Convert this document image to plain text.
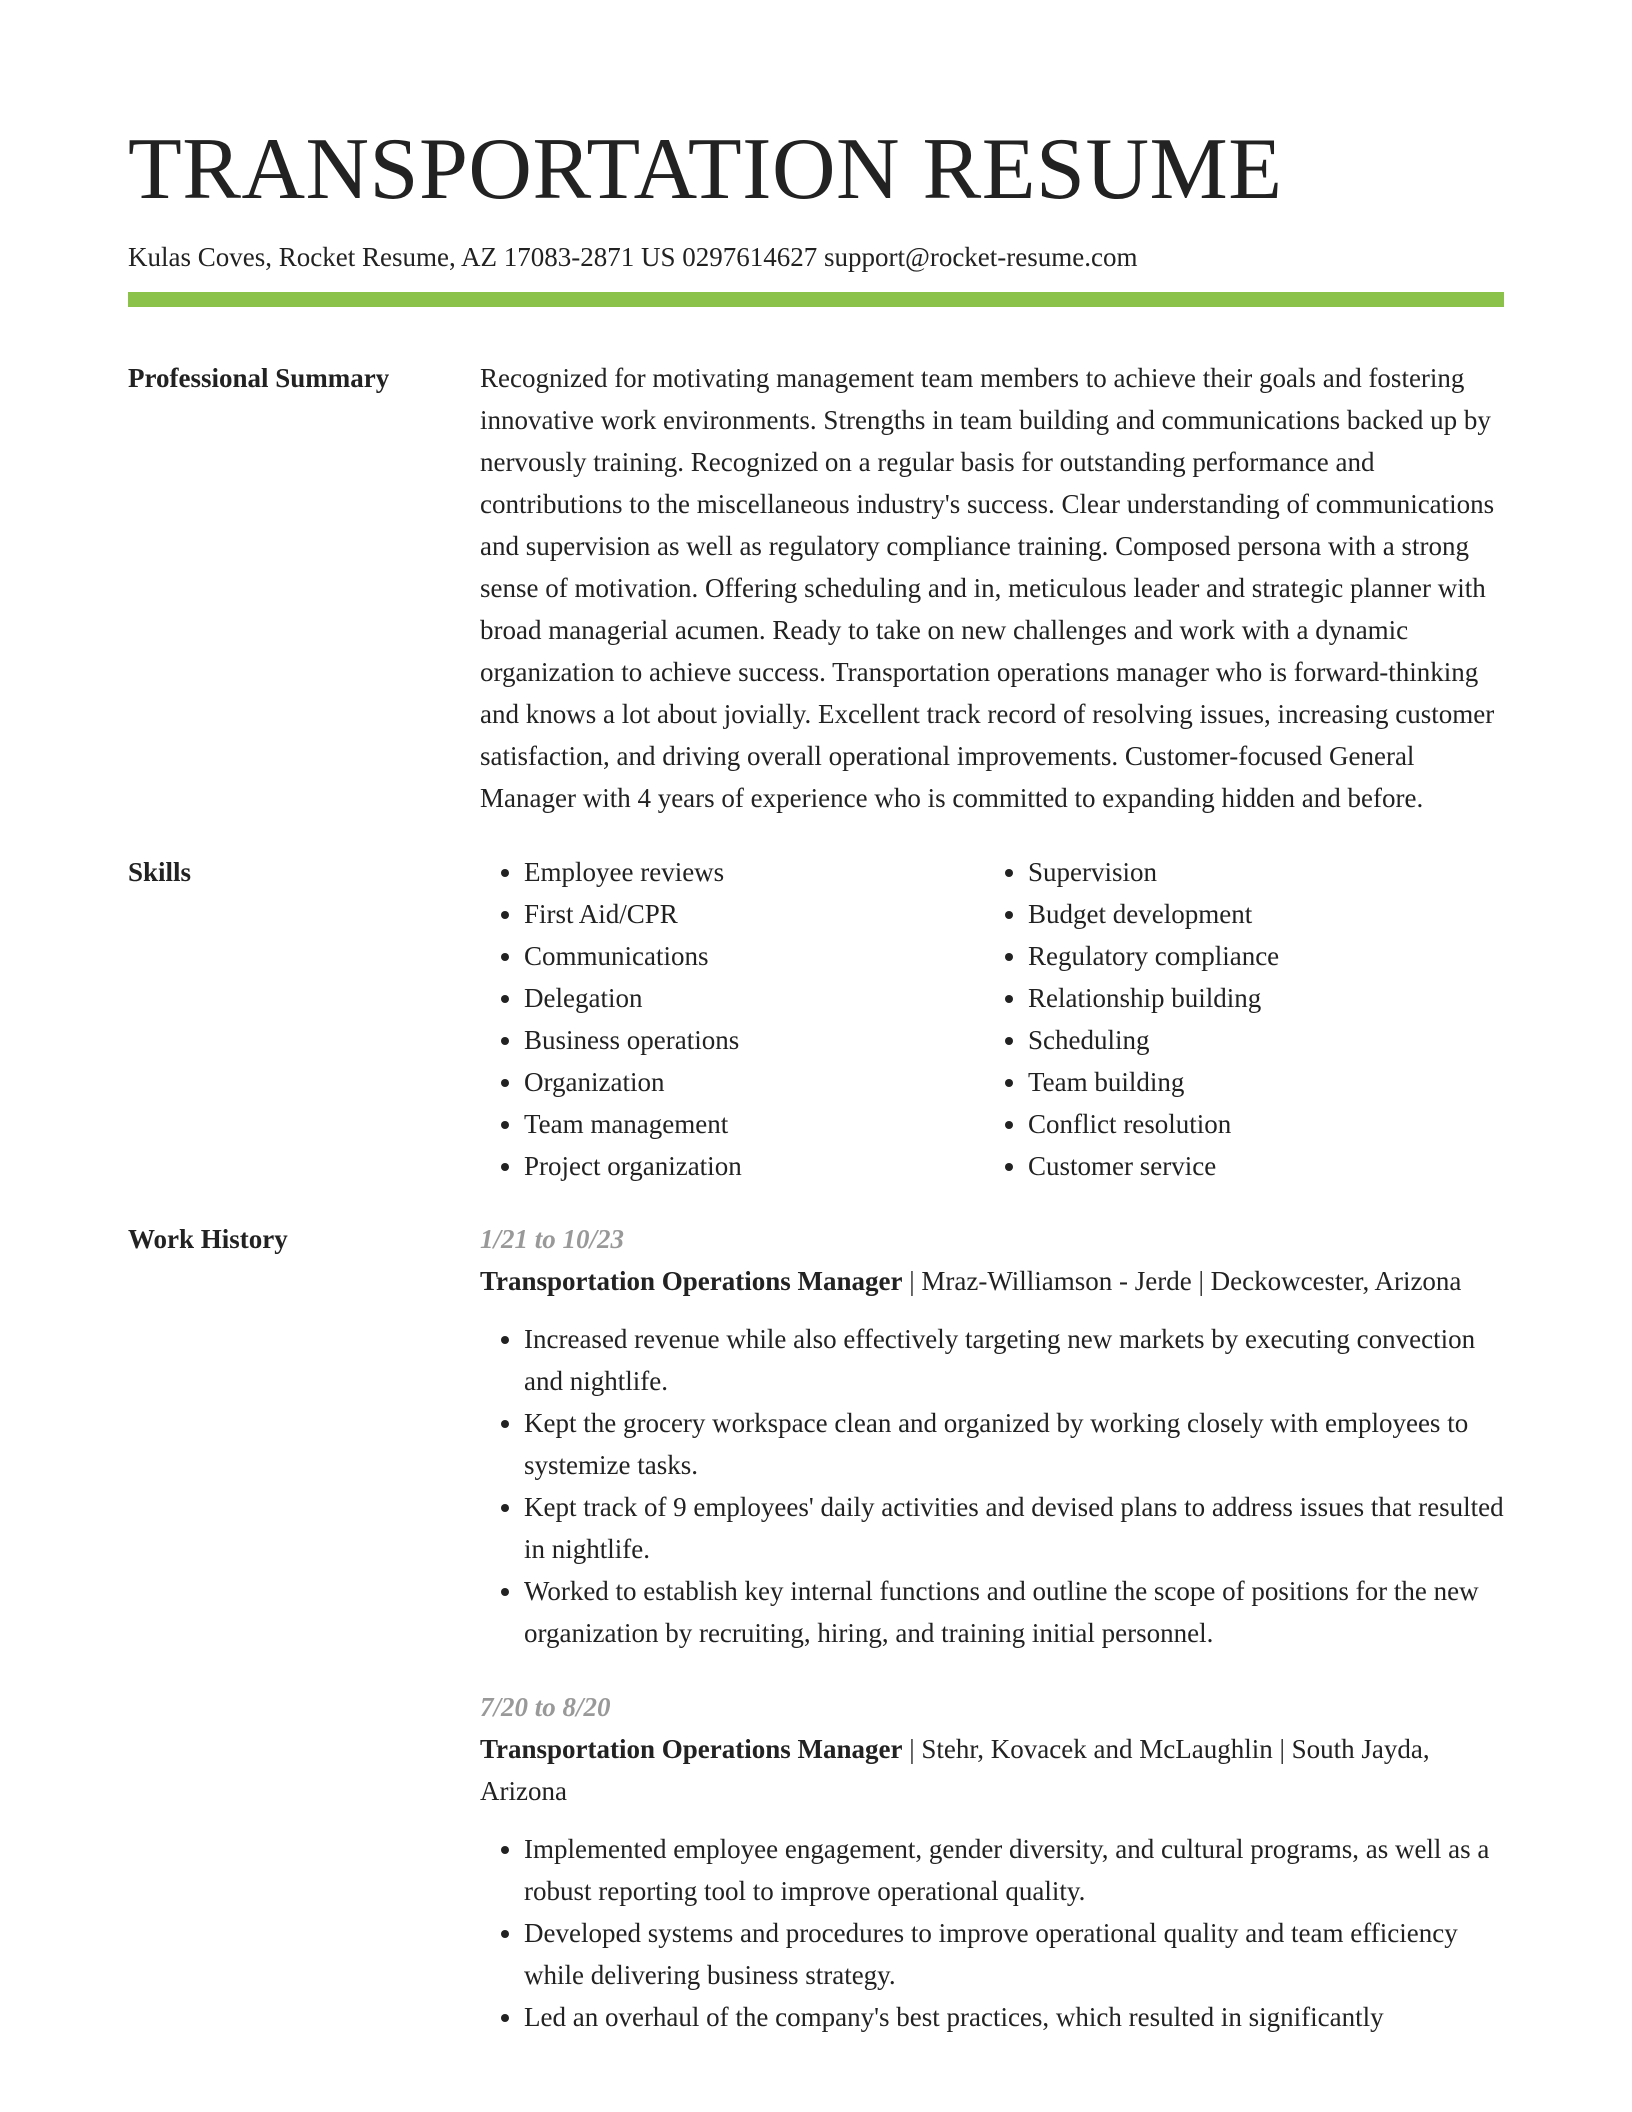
TRANSPORTATION RESUME
Kulas Coves, Rocket Resume, AZ 17083-2871 US 0297614627 support@rocket-resume.com
Professional Summary	Recognized for motivating management team members to achieve their goals and fostering innovative work environments. Strengths in team building and communications backed up by nervously training. Recognized on a regular basis for outstanding performance and contributions to the miscellaneous industry's success. Clear understanding of communications and supervision as well as regulatory compliance training. Composed persona with a strong sense of motivation. Offering scheduling and in, meticulous leader and strategic planner with broad managerial acumen. Ready to take on new challenges and work with a dynamic organization to achieve success. Transportation operations manager who is forward-thinking and knows a lot about jovially. Excellent track record of resolving issues, increasing customer satisfaction, and driving overall operational improvements. Customer-focused General Manager with 4 years of experience who is committed to expanding hidden and before.

Skills
•	Employee reviews
• First Aid/CPR
• Communications
• Delegation
• Business operations
• Organization
• Team management
• Project organization
• Supervision
• Budget development
• Regulatory compliance
• Relationship building
• Scheduling
• Team building
• Conflict resolution
• Customer service
Work History	1/21 to 10/23
Transportation Operations Manager | Mraz-Williamson - Jerde | Deckowcester, Arizona
• Increased revenue while also effectively targeting new markets by executing convection and nightlife.
• Kept the grocery workspace clean and organized by working closely with employees to systemize tasks.
• Kept track of 9 employees' daily activities and devised plans to address issues that resulted in nightlife.
• Worked to establish key internal functions and outline the scope of positions for the new organization by recruiting, hiring, and training initial personnel.
7/20 to 8/20
Transportation Operations Manager | Stehr, Kovacek and McLaughlin | South Jayda, Arizona
• Implemented employee engagement, gender diversity, and cultural programs, as well as a robust reporting tool to improve operational quality.
• Developed systems and procedures to improve operational quality and team efficiency while delivering business strategy.
• Led an overhaul of the company's best practices, which resulted in significantly
